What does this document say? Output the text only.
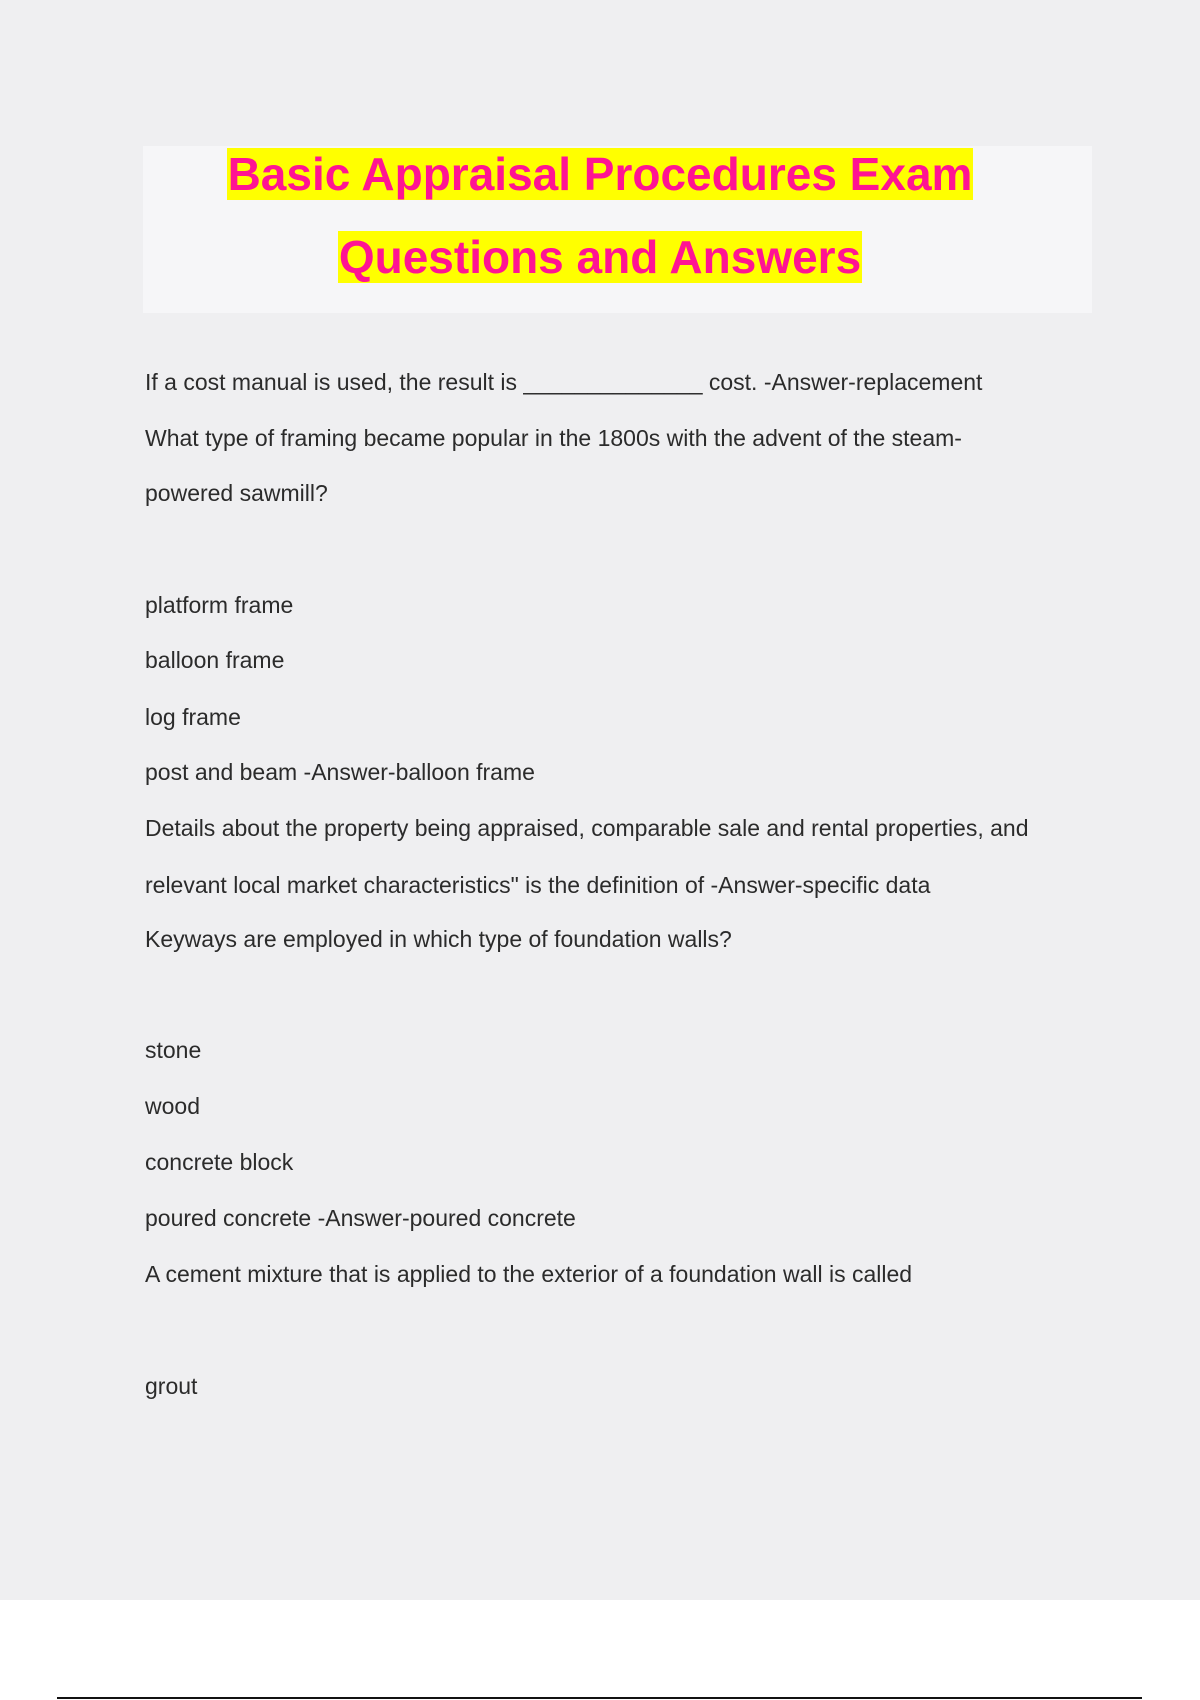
Basic Appraisal Procedures Exam
Questions and Answers
If a cost manual is used, the result is ______________ cost. -Answer-replacement
What type of framing became popular in the 1800s with the advent of the steam-
powered sawmill?
platform frame
balloon frame
log frame
post and beam -Answer-balloon frame
Details about the property being appraised, comparable sale and rental properties, and
relevant local market characteristics" is the definition of -Answer-specific data
Keyways are employed in which type of foundation walls?
stone
wood
concrete block
poured concrete -Answer-poured concrete
A cement mixture that is applied to the exterior of a foundation wall is called
grout
